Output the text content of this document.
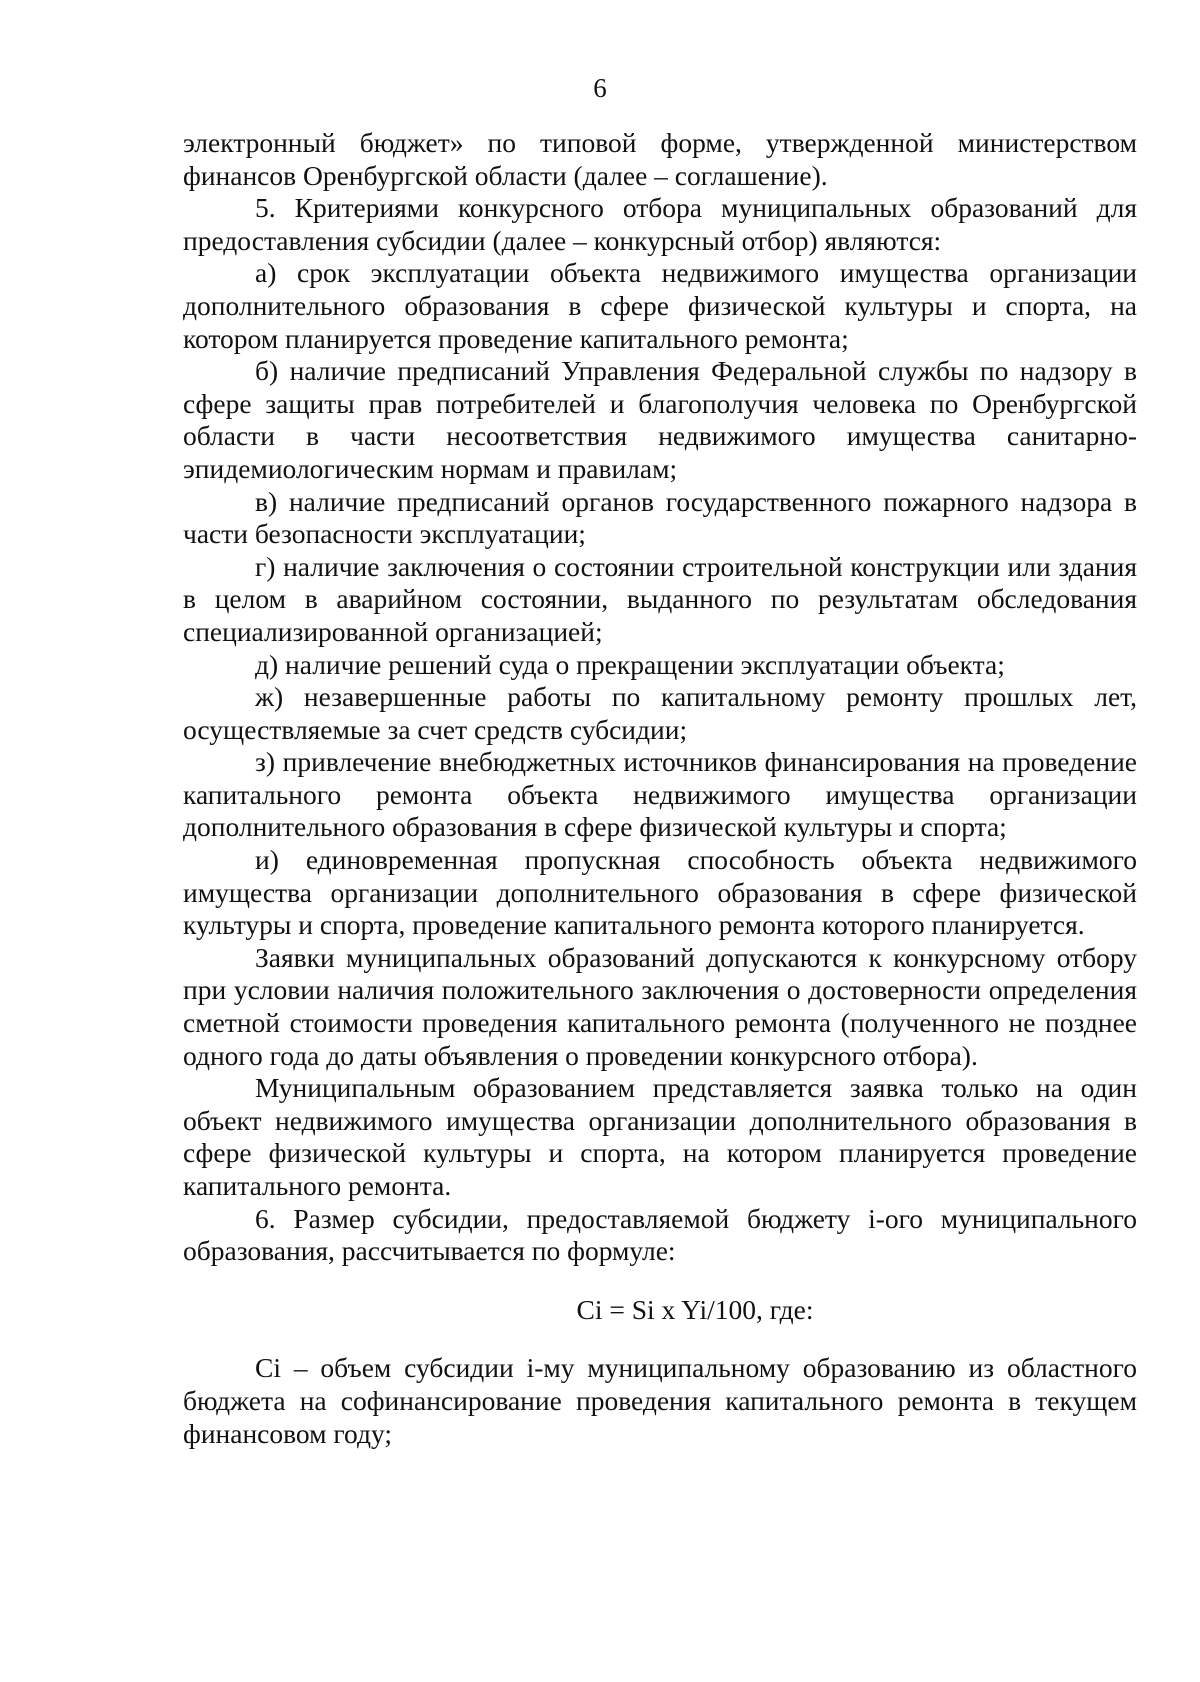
6

электронный бюджет» по типовой форме, утвержденной министерством финансов Оренбургской области (далее – соглашение).

5. Критериями конкурсного отбора муниципальных образований для предоставления субсидии (далее – конкурсный отбор) являются:

а) срок эксплуатации объекта недвижимого имущества организации дополнительного образования в сфере физической культуры и спорта, на котором планируется проведение капитального ремонта;

б) наличие предписаний Управления Федеральной службы по надзору в сфере защиты прав потребителей и благополучия человека по Оренбургской области в части несоответствия недвижимого имущества санитарно-эпидемиологическим нормам и правилам;

в) наличие предписаний органов государственного пожарного надзора в части безопасности эксплуатации;

г) наличие заключения о состоянии строительной конструкции или здания в целом в аварийном состоянии, выданного по результатам обследования специализированной организацией;

д) наличие решений суда о прекращении эксплуатации объекта;

ж) незавершенные работы по капитальному ремонту прошлых лет, осуществляемые за счет средств субсидии;

з) привлечение внебюджетных источников финансирования на проведение капитального ремонта объекта недвижимого имущества организации дополнительного образования в сфере физической культуры и спорта;

и) единовременная пропускная способность объекта недвижимого имущества организации дополнительного образования в сфере физической культуры и спорта, проведение капитального ремонта которого планируется.

Заявки муниципальных образований допускаются к конкурсному отбору при условии наличия положительного заключения о достоверности определения сметной стоимости проведения капитального ремонта (полученного не позднее одного года до даты объявления о проведении конкурсного отбора).

Муниципальным образованием представляется заявка только на один объект недвижимого имущества организации дополнительного образования в сфере физической культуры и спорта, на котором планируется проведение капитального ремонта.

6. Размер субсидии, предоставляемой бюджету i-ого муниципального образования, рассчитывается по формуле:

Ci = Si x Yi/100, где:

Ci – объем субсидии i-му муниципальному образованию из областного бюджета на софинансирование проведения капитального ремонта в текущем финансовом году;
